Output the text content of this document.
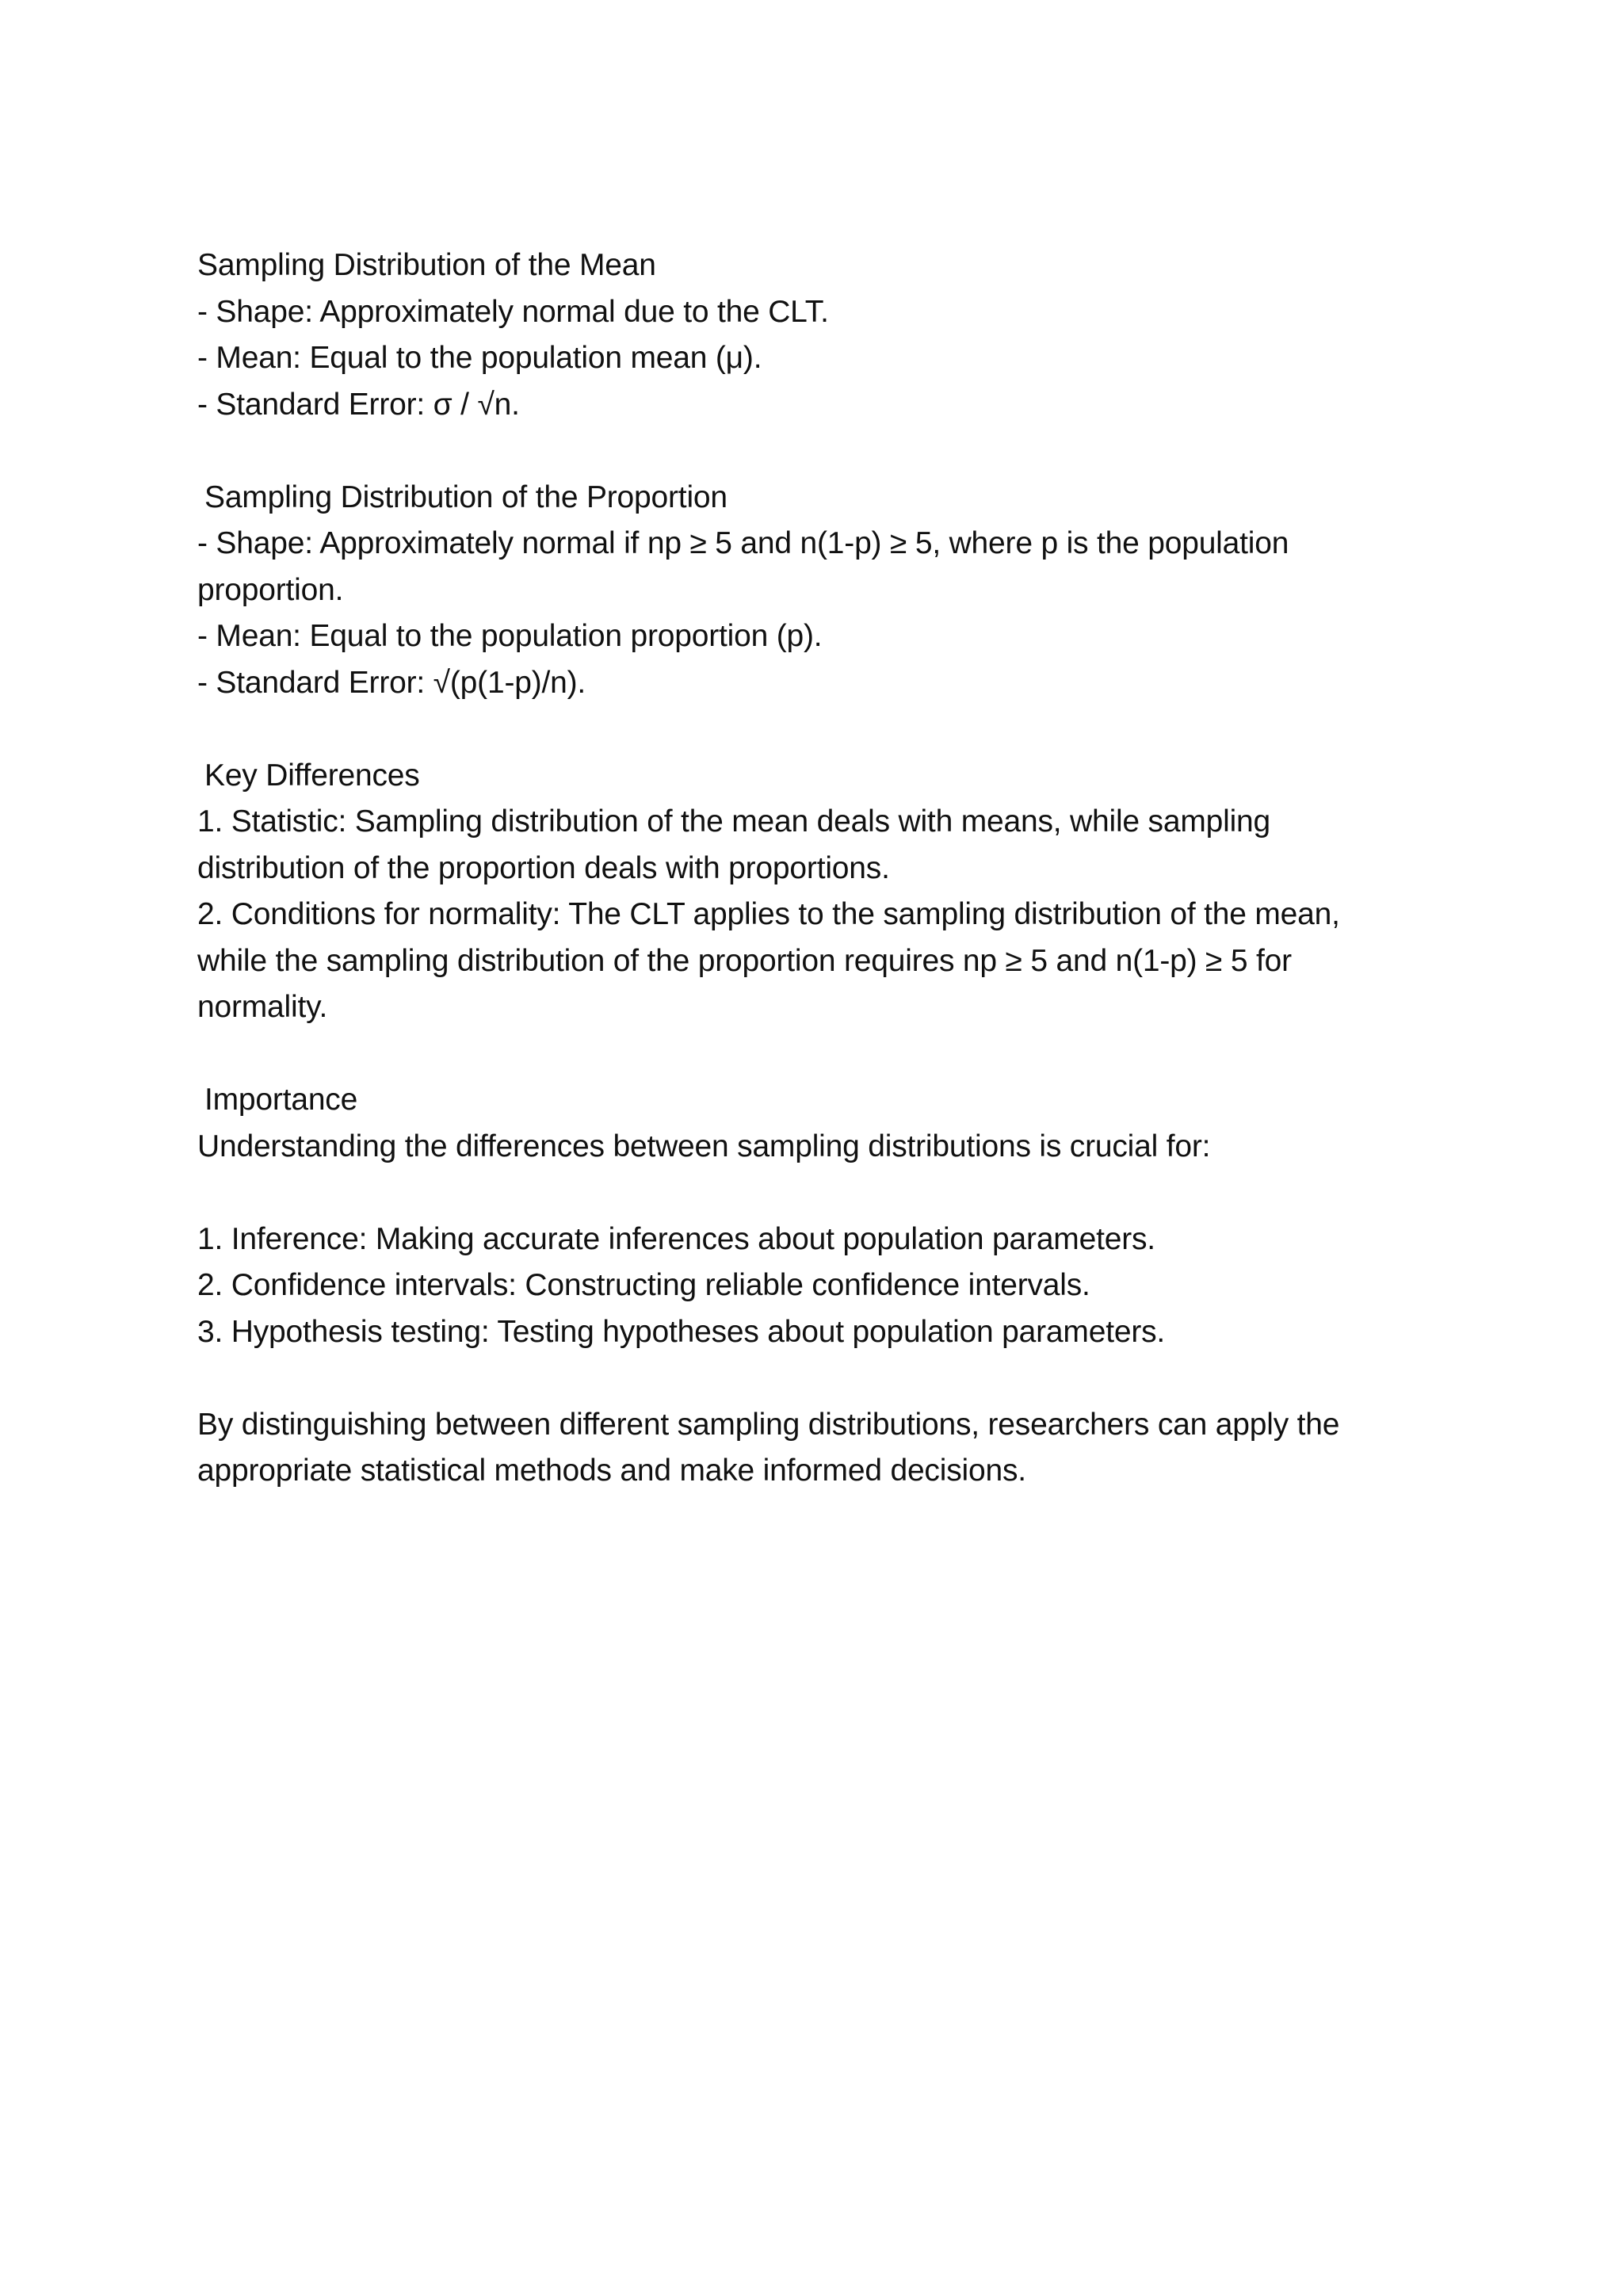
Sampling Distribution of the Mean
- Shape: Approximately normal due to the CLT.
- Mean: Equal to the population mean (μ).
- Standard Error: σ / √n.
Sampling Distribution of the Proportion
- Shape: Approximately normal if np ≥ 5 and n(1-p) ≥ 5, where p is the population
proportion.
- Mean: Equal to the population proportion (p).
- Standard Error: √(p(1-p)/n).
Key Differences
1. Statistic: Sampling distribution of the mean deals with means, while sampling
distribution of the proportion deals with proportions.
2. Conditions for normality: The CLT applies to the sampling distribution of the mean,
while the sampling distribution of the proportion requires np ≥ 5 and n(1-p) ≥ 5 for
normality.
Importance
Understanding the differences between sampling distributions is crucial for:
1. Inference: Making accurate inferences about population parameters.
2. Confidence intervals: Constructing reliable confidence intervals.
3. Hypothesis testing: Testing hypotheses about population parameters.
By distinguishing between different sampling distributions, researchers can apply the
appropriate statistical methods and make informed decisions.
